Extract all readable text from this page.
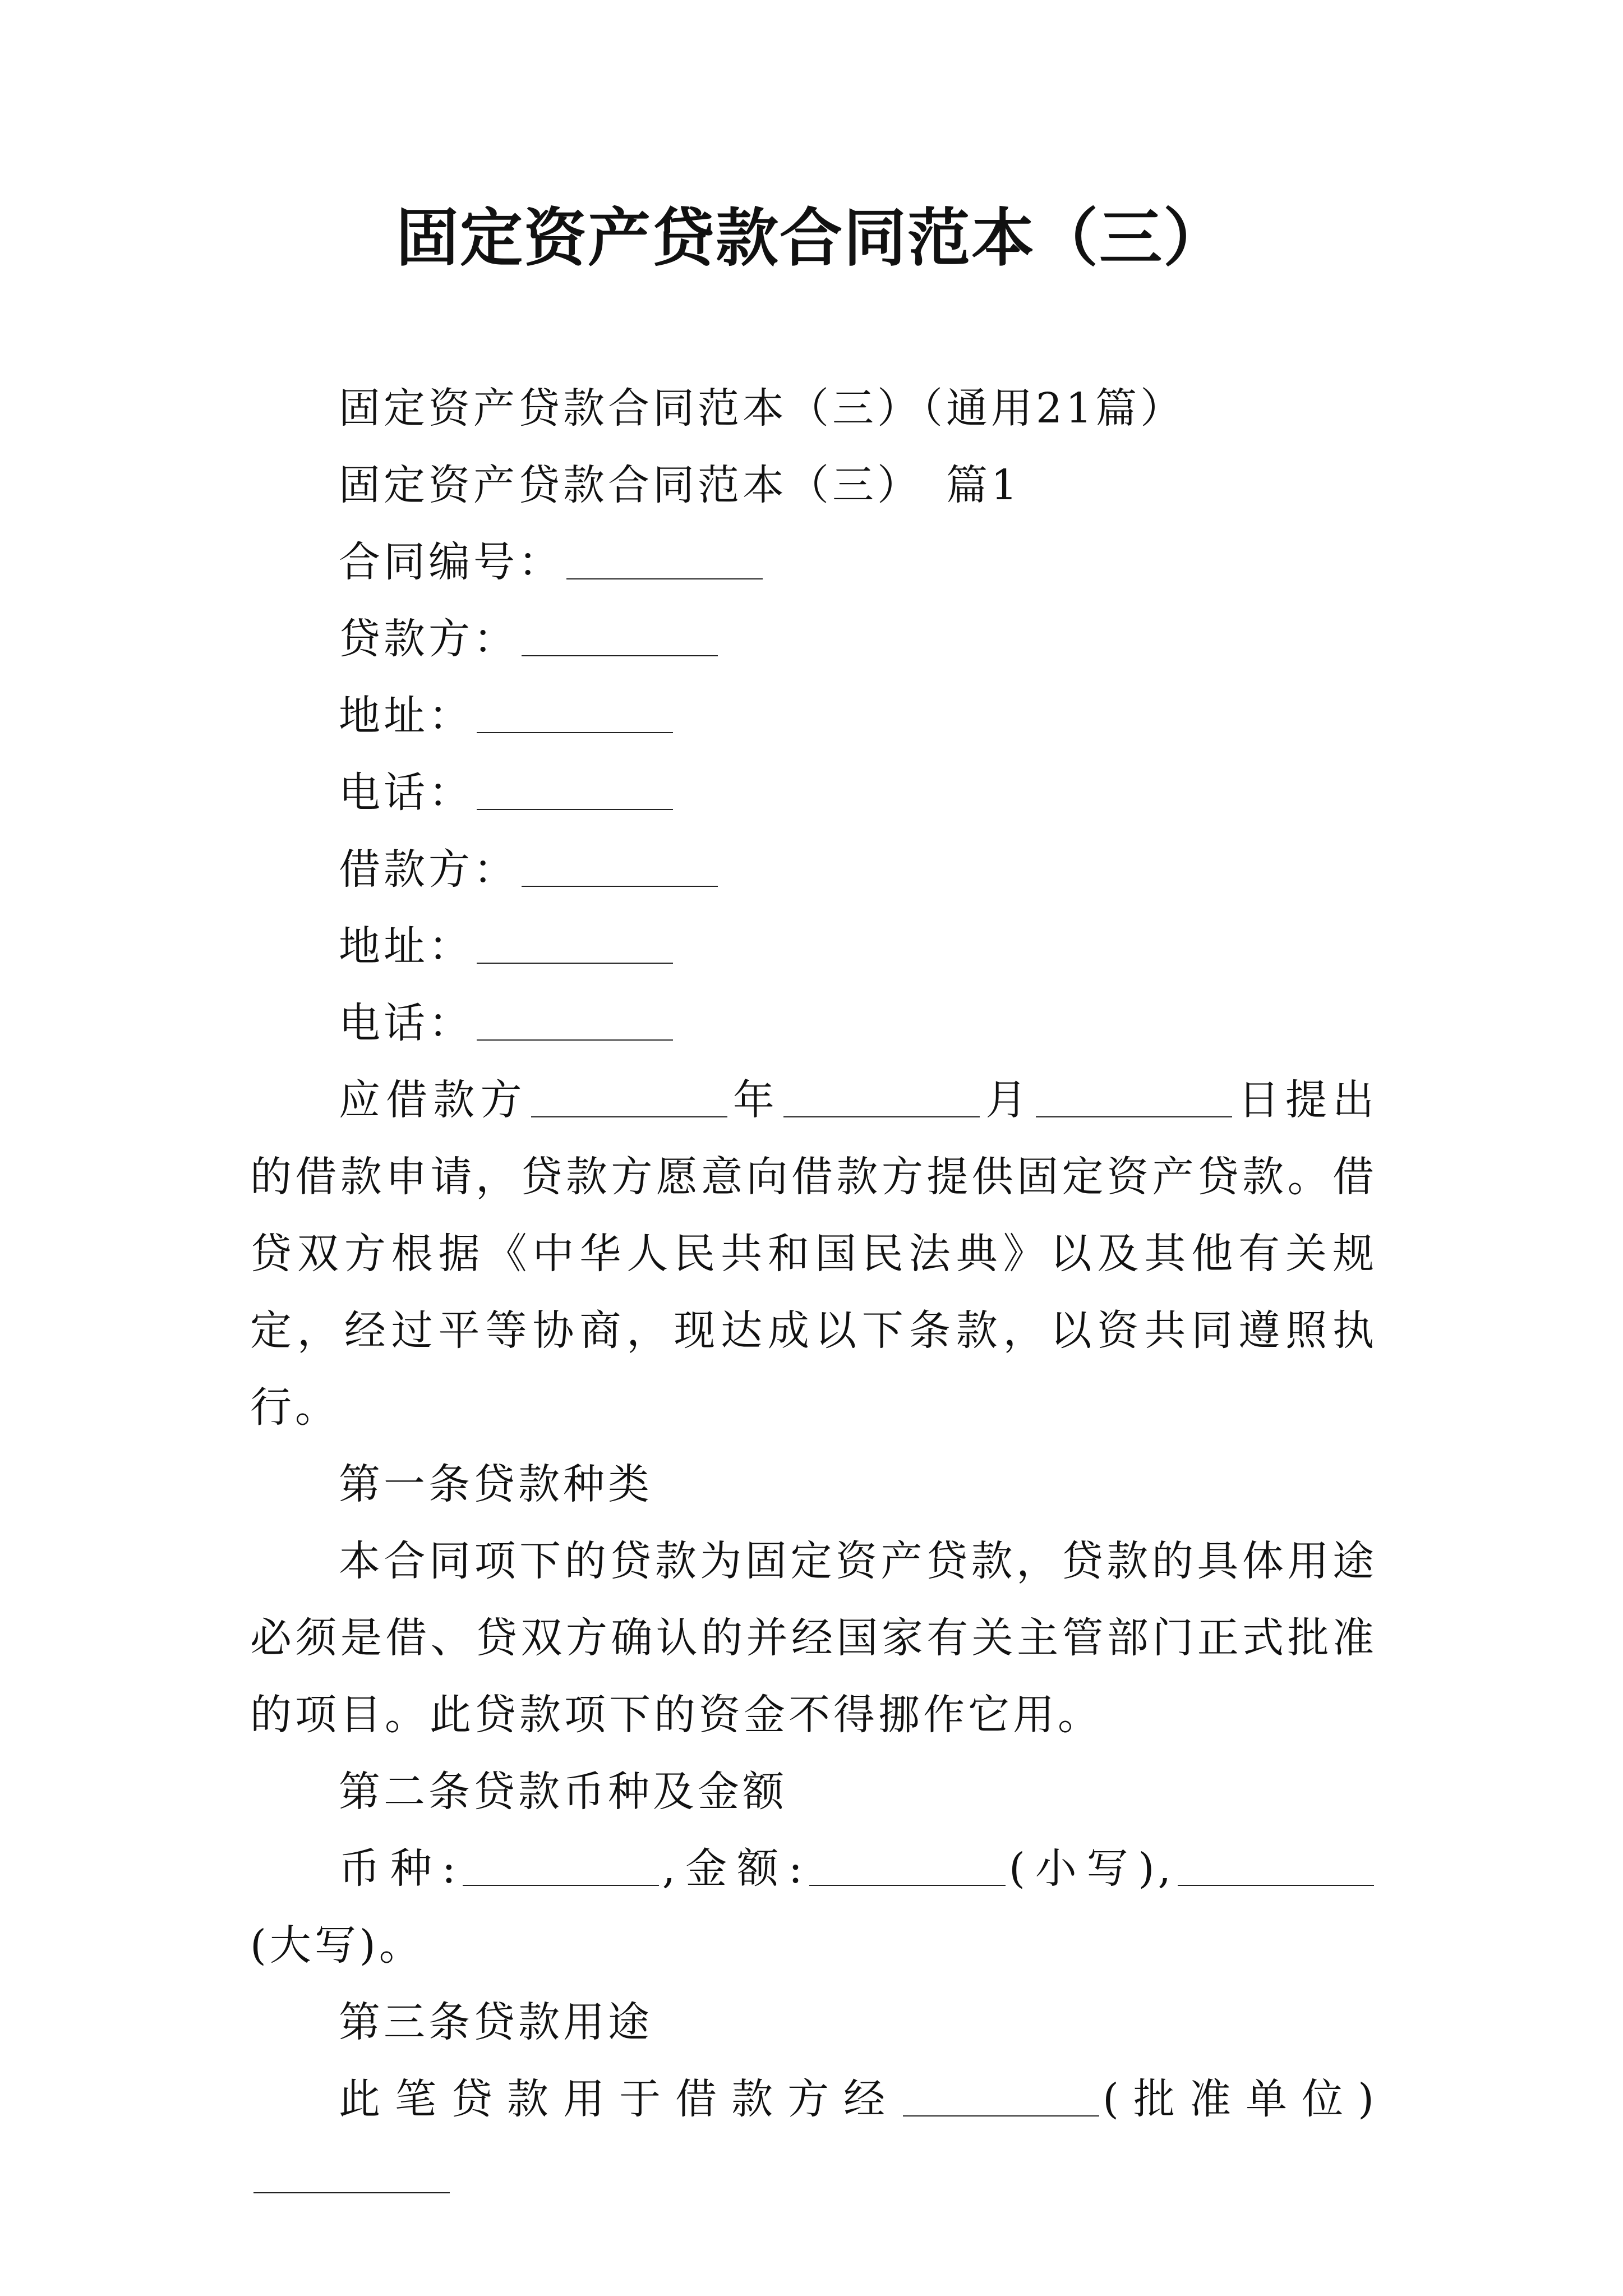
固定资产贷款合同范本（三）

固定资产贷款合同范本（三）（通用21篇）

固定资产贷款合同范本（三）　篇1

合同编号：

贷款方：

地址：

电话：

借款方：

地址：

电话：

应借款方	年	月	日提出的借款申请，贷款方愿意向借款方提供固定资产贷款。借贷双方根据《中华人民共和国民法典》以及其他有关规定，经过平等协商，现达成以下条款，以资共同遵照执行。

第一条贷款种类

本合同项下的贷款为固定资产贷款，贷款的具体用途必须是借、贷双方确认的并经国家有关主管部门正式批准的项目。此贷款项下的资金不得挪作它用。

第二条贷款币种及金额

币种:	,金额:	(小写),(大写)。

第三条贷款用途

此笔贷款用于借款方经	(批准单位)
